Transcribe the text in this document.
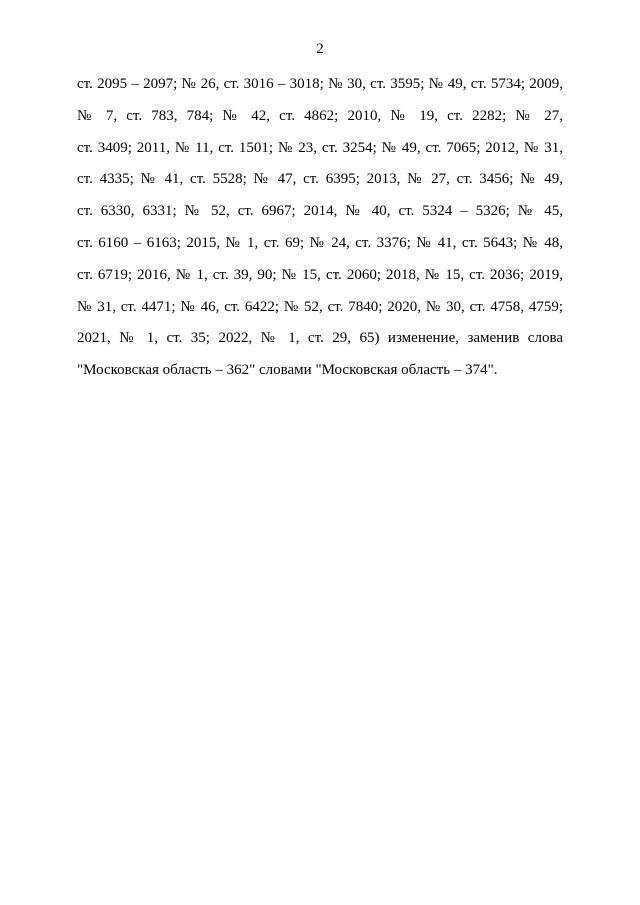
2
ст. 2095 – 2097; № 26, ст. 3016 – 3018; № 30, ст. 3595; № 49, ст. 5734; 2009,
№ 7, ст. 783, 784; № 42, ст. 4862; 2010, № 19, ст. 2282; № 27,
ст. 3409; 2011, № 11, ст. 1501; № 23, ст. 3254; № 49, ст. 7065; 2012, № 31,
ст. 4335; № 41, ст. 5528; № 47, ст. 6395; 2013, № 27, ст. 3456; № 49,
ст. 6330, 6331; № 52, ст. 6967; 2014, № 40, ст. 5324 – 5326; № 45,
ст. 6160 – 6163; 2015, № 1, ст. 69; № 24, ст. 3376; № 41, ст. 5643; № 48,
ст. 6719; 2016, № 1, ст. 39, 90; № 15, ст. 2060; 2018, № 15, ст. 2036; 2019,
№ 31, ст. 4471; № 46, ст. 6422; № 52, ст. 7840; 2020, № 30, ст. 4758, 4759;
2021, № 1, ст. 35; 2022, № 1, ст. 29, 65) изменение, заменив слова
"Московская область – 362" словами "Московская область – 374".
